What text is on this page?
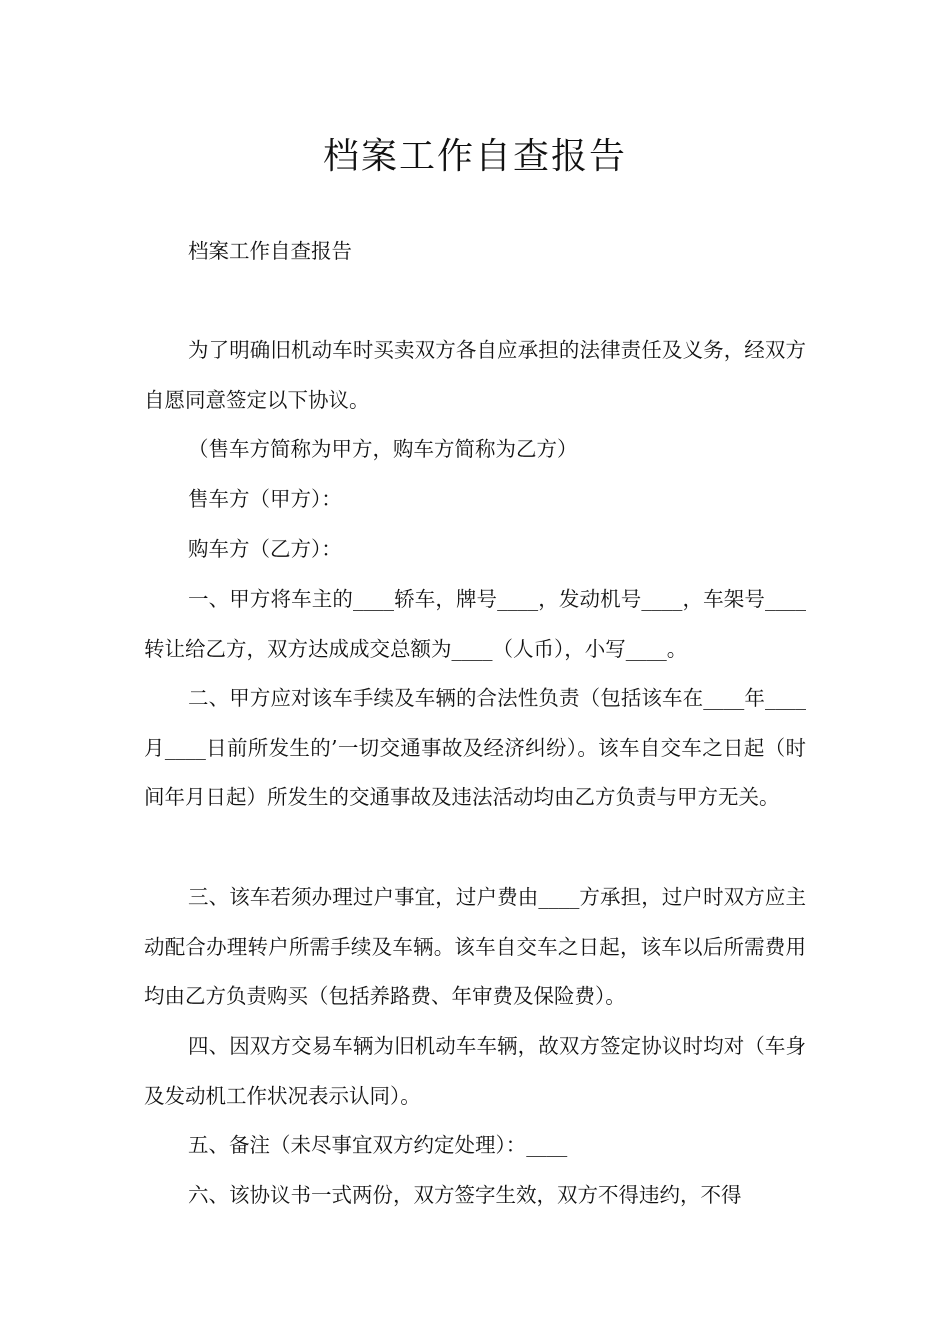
档案工作自查报告

档案工作自查报告

为了明确旧机动车时买卖双方各自应承担的法律责任及义务，经双方自愿同意签定以下协议。

（售车方简称为甲方，购车方简称为乙方）

售车方（甲方）：

购车方（乙方）：

一、甲方将车主的____轿车，牌号____，发动机号____，车架号____转让给乙方，双方达成成交总额为____（人币），小写____。

二、甲方应对该车手续及车辆的合法性负责（包括该车在____年____月____日前所发生的’一切交通事故及经济纠纷）。该车自交车之日起（时间年月日起）所发生的交通事故及违法活动均由乙方负责与甲方无关。

三、该车若须办理过户事宜，过户费由____方承担，过户时双方应主动配合办理转户所需手续及车辆。该车自交车之日起，该车以后所需费用均由乙方负责购买（包括养路费、年审费及保险费）。

四、因双方交易车辆为旧机动车车辆，故双方签定协议时均对（车身及发动机工作状况表示认同）。

五、备注（未尽事宜双方约定处理）：____

六、该协议书一式两份，双方签字生效，双方不得违约，不得
